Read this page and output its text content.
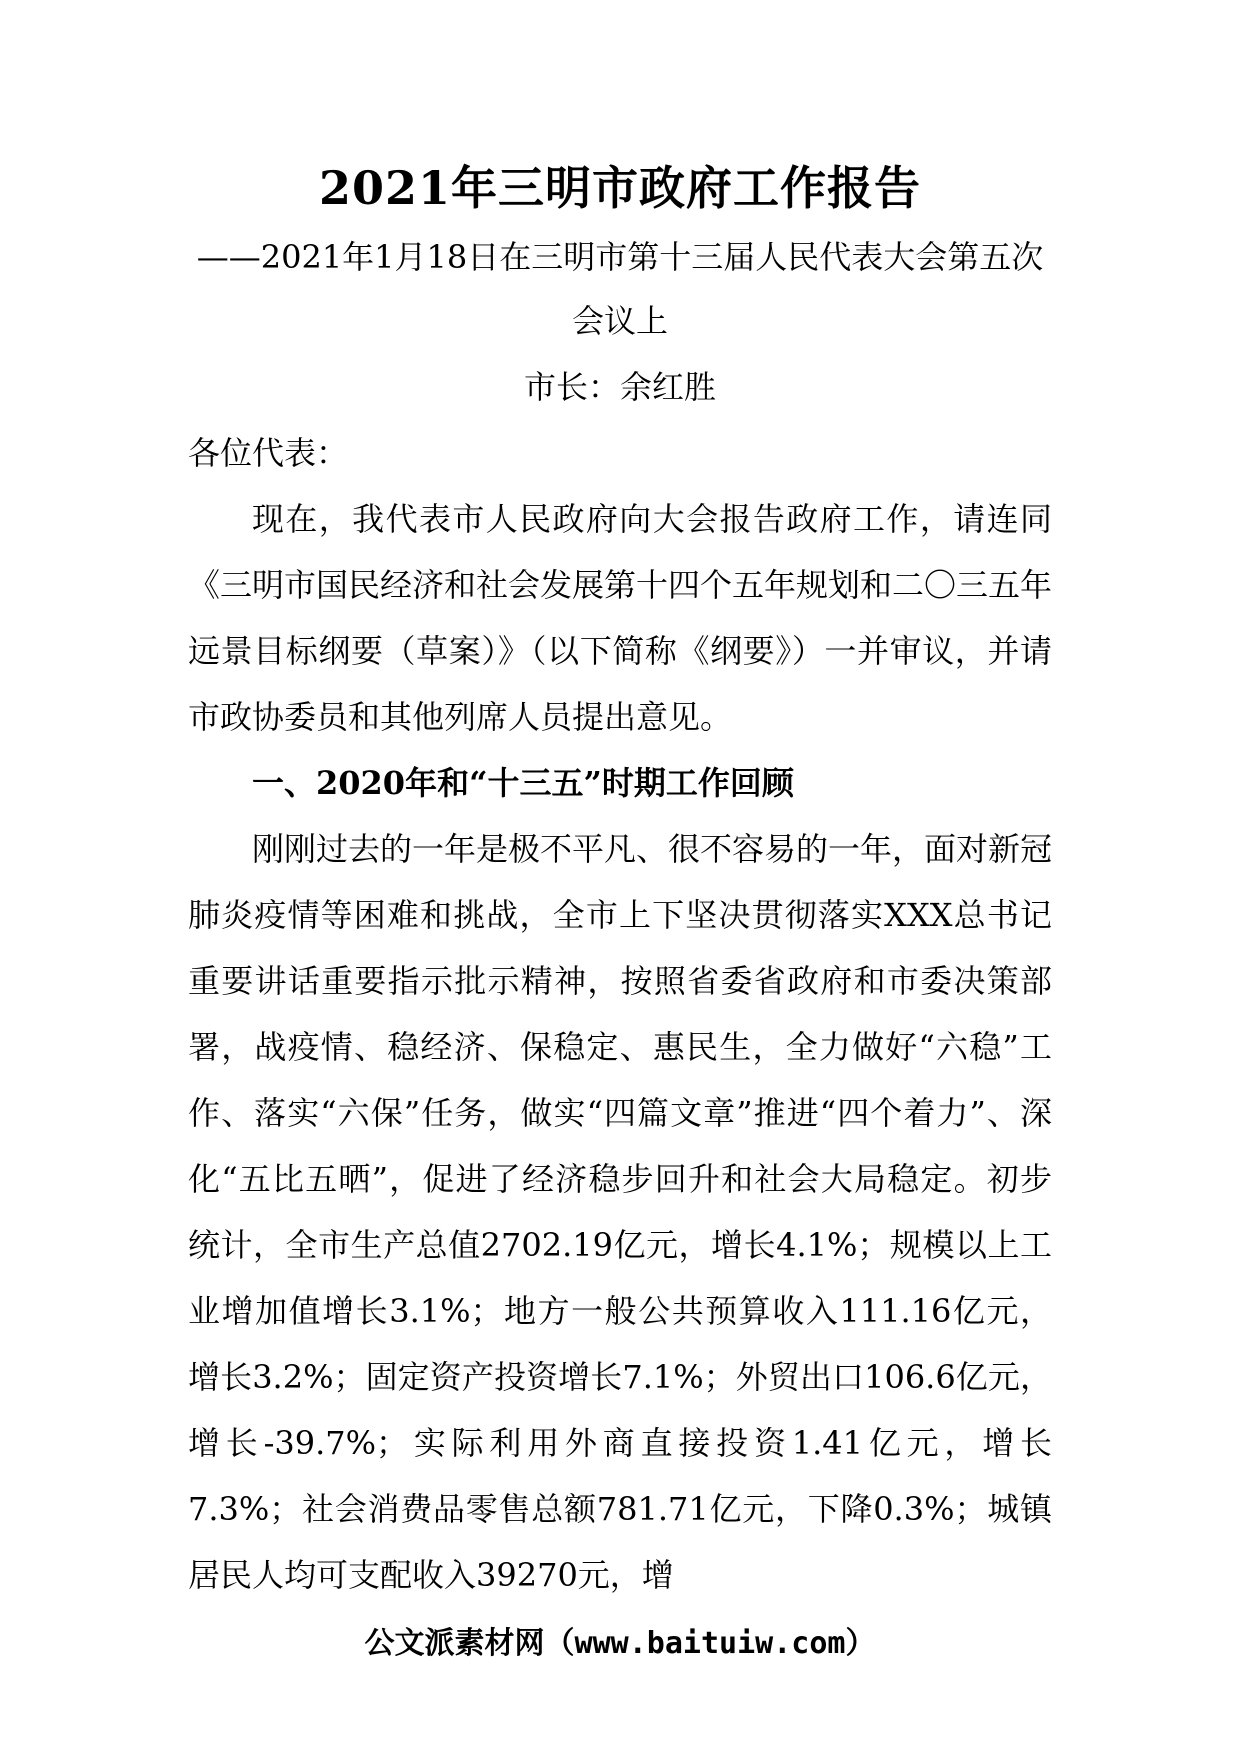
2021年三明市政府工作报告
——2021年1月18日在三明市第十三届人民代表大会第五次会议上
市长：余红胜
各位代表：
现在，我代表市人民政府向大会报告政府工作，请连同《三明市国民经济和社会发展第十四个五年规划和二〇三五年远景目标纲要（草案）》（以下简称《纲要》）一并审议，并请市政协委员和其他列席人员提出意见。
一、2020年和“十三五”时期工作回顾
刚刚过去的一年是极不平凡、很不容易的一年，面对新冠肺炎疫情等困难和挑战，全市上下坚决贯彻落实XXX总书记重要讲话重要指示批示精神，按照省委省政府和市委决策部署，战疫情、稳经济、保稳定、惠民生，全力做好“六稳”工作、落实“六保”任务，做实“四篇文章”推进“四个着力”、深化“五比五晒”，促进了经济稳步回升和社会大局稳定。初步统计，全市生产总值2702.19亿元，增长4.1%；规模以上工业增加值增长3.1%；地方一般公共预算收入111.16亿元，增长3.2%；固定资产投资增长7.1%；外贸出口106.6亿元，增长-39.7%；实际利用外商直接投资1.41亿元，增长7.3%；社会消费品零售总额781.71亿元，下降0.3%；城镇居民人均可支配收入39270元，增
公文派素材网（www.baituiw.com）
